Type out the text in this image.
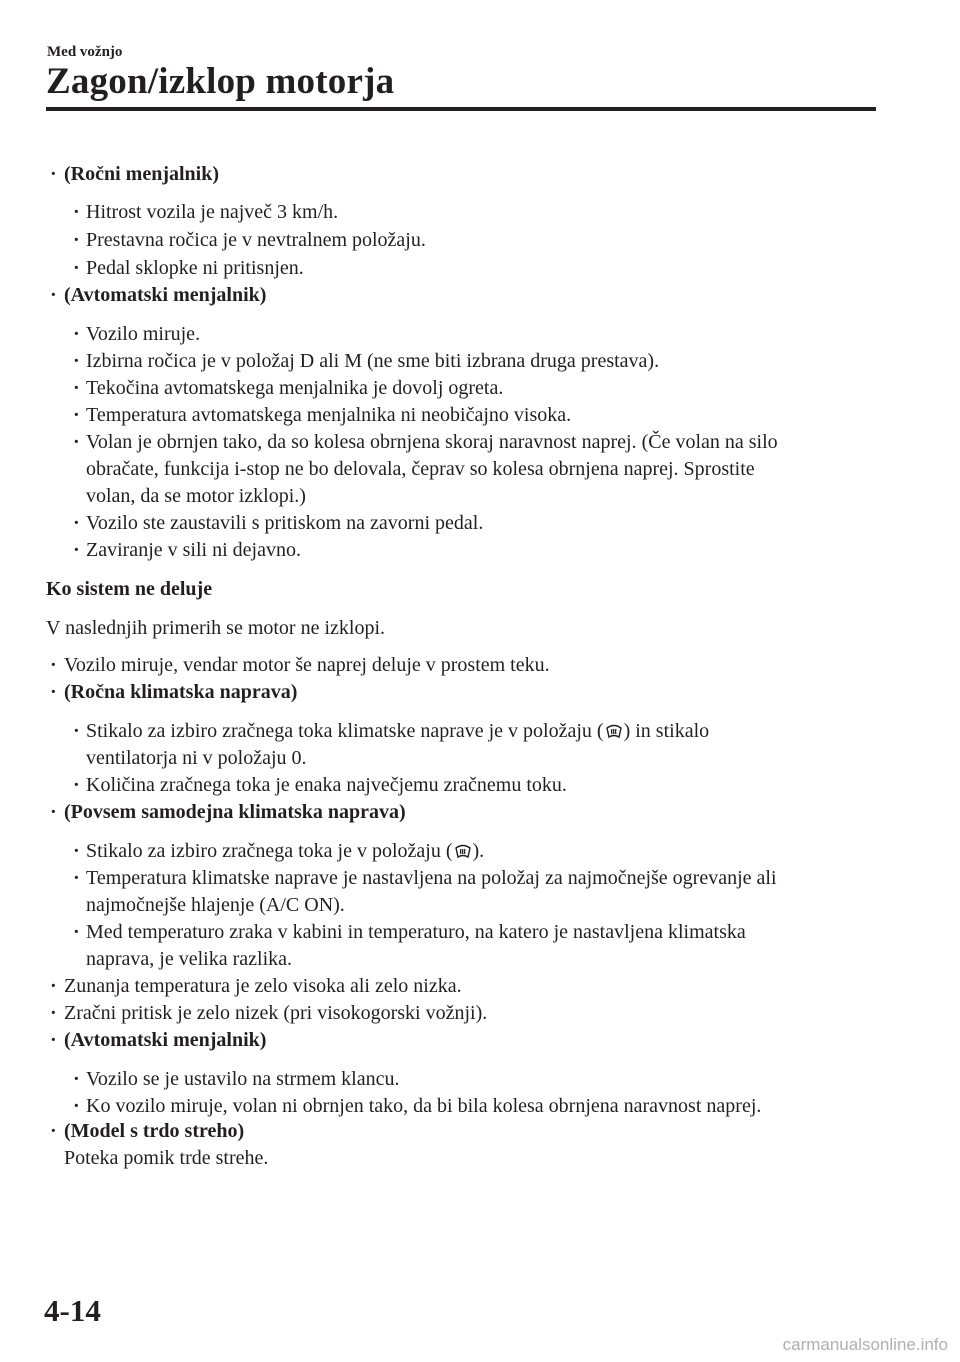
Med vožnjo
Zagon/izklop motorja
·
(Ročni menjalnik)
·
Hitrost vozila je največ 3 km/h.
·
Prestavna ročica je v nevtralnem položaju.
·
Pedal sklopke ni pritisnjen.
·
(Avtomatski menjalnik)
·
Vozilo miruje.
·
Izbirna ročica je v položaj D ali M (ne sme biti izbrana druga prestava).
·
Tekočina avtomatskega menjalnika je dovolj ogreta.
·
Temperatura avtomatskega menjalnika ni neobičajno visoka.
·
Volan je obrnjen tako, da so kolesa obrnjena skoraj naravnost naprej. (Če volan na silo
obračate, funkcija i-stop ne bo delovala, čeprav so kolesa obrnjena naprej. Sprostite
volan, da se motor izklopi.)
·
Vozilo ste zaustavili s pritiskom na zavorni pedal.
·
Zaviranje v sili ni dejavno.
Ko sistem ne deluje
V naslednjih primerih se motor ne izklopi.
·
Vozilo miruje, vendar motor še naprej deluje v prostem teku.
·
(Ročna klimatska naprava)
·
Stikalo za izbiro zračnega toka klimatske naprave je v položaju ( ) in stikalo
ventilatorja ni v položaju 0.
·
Količina zračnega toka je enaka največjemu zračnemu toku.
·
(Povsem samodejna klimatska naprava)
·
Stikalo za izbiro zračnega toka je v položaju ( ).
·
Temperatura klimatske naprave je nastavljena na položaj za najmočnejše ogrevanje ali
najmočnejše hlajenje (A/C ON).
·
Med temperaturo zraka v kabini in temperaturo, na katero je nastavljena klimatska
naprava, je velika razlika.
·
Zunanja temperatura je zelo visoka ali zelo nizka.
·
Zračni pritisk je zelo nizek (pri visokogorski vožnji).
·
(Avtomatski menjalnik)
·
Vozilo se je ustavilo na strmem klancu.
·
Ko vozilo miruje, volan ni obrnjen tako, da bi bila kolesa obrnjena naravnost naprej.
·
(Model s trdo streho)
Poteka pomik trde strehe.
4-14
carmanualsonline.info
